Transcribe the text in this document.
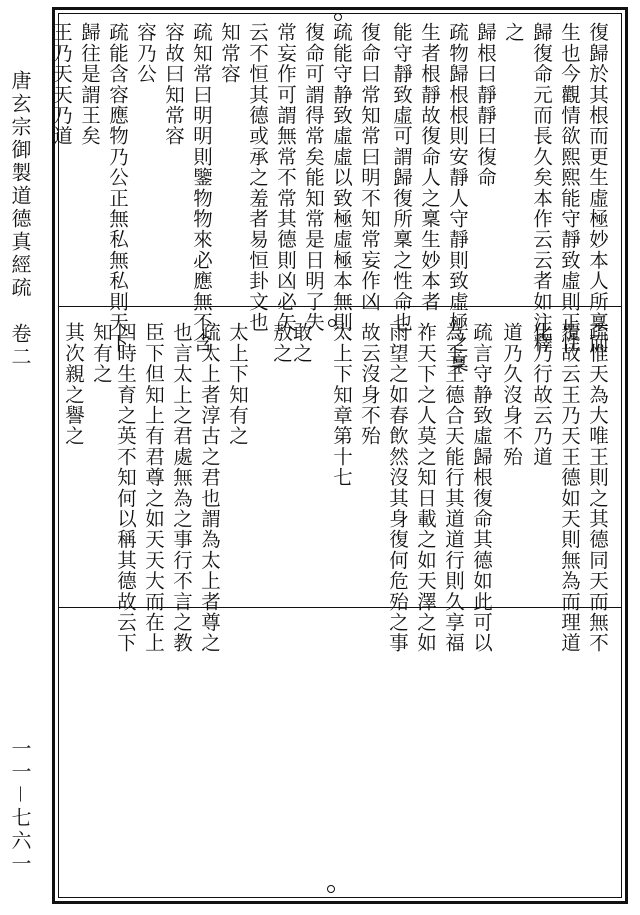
唐玄宗御製道德真經疏　卷二
一一－七六一
復歸於其根而更生虛極妙本人所稟而
生也今觀情欲熙熙能守靜致虛則正性
歸復命元而長久矣本作云云者如注釋
之
歸根曰靜靜曰復命
疏物歸根根則安靜人守靜則致虛極之稟
生者根靜故復命人之稟生妙本者
能守靜致虛可謂歸復所稟之性命也
復命曰常知常曰明不知常妄作凶
疏能守静致虛虛以致極虛極本無則
復命可謂得常矣能知常是日明了失
常妄作可謂無常不常其德則凶必矢
云不恒其德或承之羞者易恒卦文也
知常容
疏知常曰明明則鑒物物來必應無不含
容故曰知常容
容乃公
疏能含容應物乃公正無私無私則天下
歸往是謂王矣
王乃天天乃道
疏惟天為大唯王則之其德同天而無不
覆故云王乃天王德如天則無為而理道
化乃行故云乃道
道乃久沒身不殆
疏言守静致虛歸根復命其德如此可以
為王王德合天能行其道道行則久享福
祚天下之人莫之知日載之如天澤之如
雨望之如春飲然沒其身復何危殆之事
故云沒身不殆
太上下知章第十七
敢之
敖之
太上下知有之
疏太上者淳古之君也謂為太上者尊之
也言太上之君處無為之事行不言之教
臣下但知上有君尊之如天天大而在上
四時生育之英不知何以稱其德故云下
知有之
其次親之譽之
